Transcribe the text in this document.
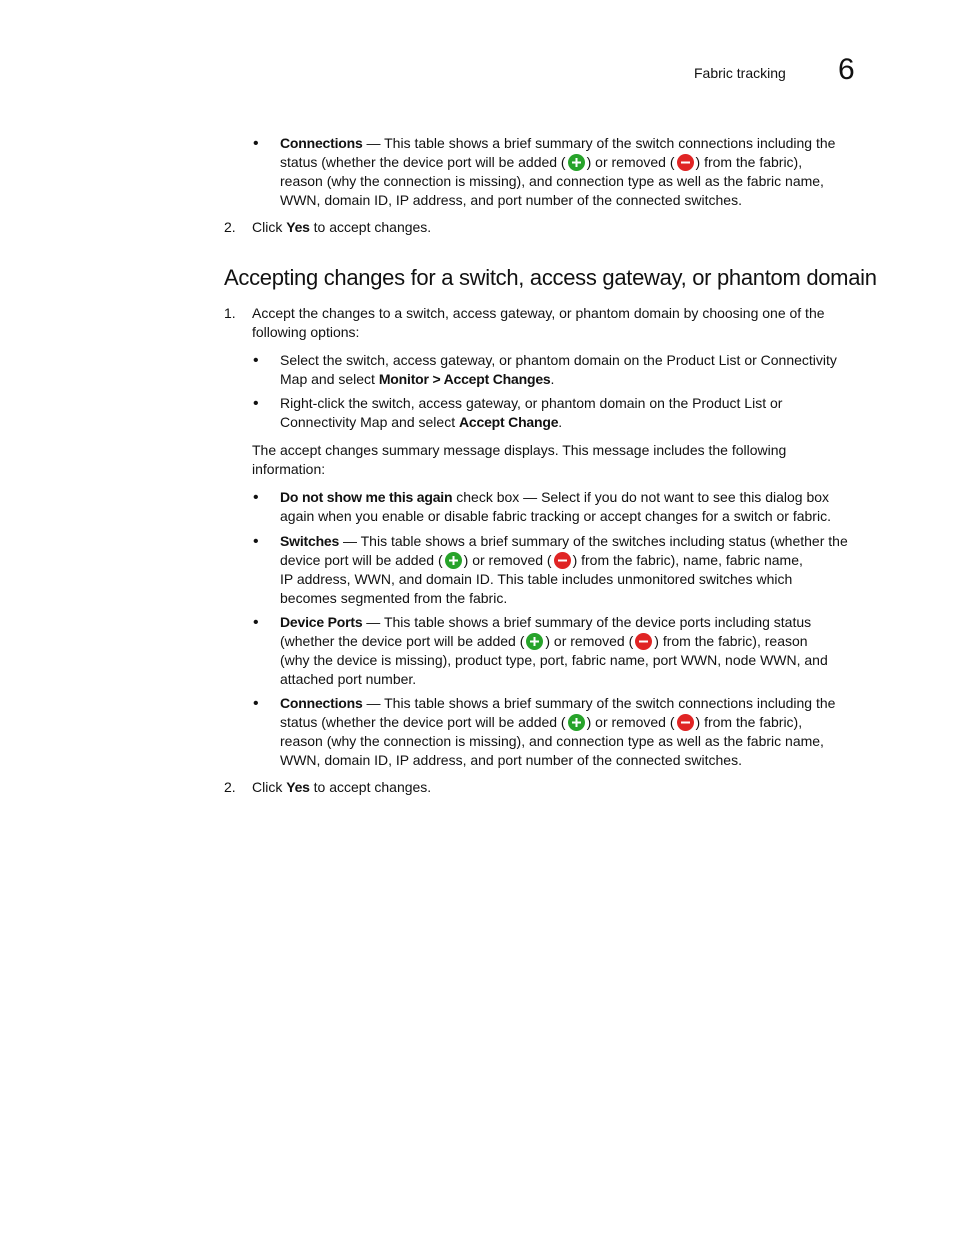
Fabric tracking 6
• Connections — This table shows a brief summary of the switch connections including the
status (whether the device port will be added ( ) or removed ( ) from the fabric),
reason (why the connection is missing), and connection type as well as the fabric name,
WWN, domain ID, IP address, and port number of the connected switches.
2. Click Yes to accept changes.
Accepting changes for a switch, access gateway, or phantom domain
1. Accept the changes to a switch, access gateway, or phantom domain by choosing one of the
following options:
• Select the switch, access gateway, or phantom domain on the Product List or Connectivity
Map and select Monitor > Accept Changes.
• Right-click the switch, access gateway, or phantom domain on the Product List or
Connectivity Map and select Accept Change.
The accept changes summary message displays. This message includes the following
information:
• Do not show me this again check box — Select if you do not want to see this dialog box
again when you enable or disable fabric tracking or accept changes for a switch or fabric.
• Switches — This table shows a brief summary of the switches including status (whether the
device port will be added ( ) or removed ( ) from the fabric), name, fabric name,
IP address, WWN, and domain ID. This table includes unmonitored switches which
becomes segmented from the fabric.
• Device Ports — This table shows a brief summary of the device ports including status
(whether the device port will be added ( ) or removed ( ) from the fabric), reason
(why the device is missing), product type, port, fabric name, port WWN, node WWN, and
attached port number.
• Connections — This table shows a brief summary of the switch connections including the
status (whether the device port will be added ( ) or removed ( ) from the fabric),
reason (why the connection is missing), and connection type as well as the fabric name,
WWN, domain ID, IP address, and port number of the connected switches.
2. Click Yes to accept changes.
